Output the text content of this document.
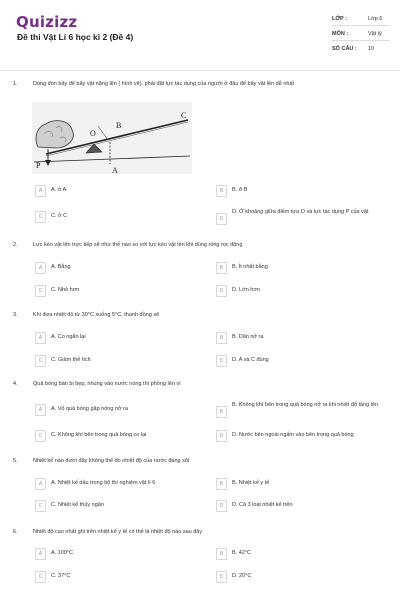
Quizizz
Đề thi Vật Lí 6 học kì 2 (Đề 4)
LỚP :	Lớp 6
MÔN :	Vật lý
SỐ CÂU : 10
1.	Dùng đòn bẩy để bẩy vật nặng lên ( hình vẽ). phải đặt lực tác dụng của người ở đâu để bẩy vật lên dễ nhất
B
C
O
P
A
A	A. ở A	B	B. ở B
C	C. ở C	D
D. Ở khoảng giữa điểm tựa O và lực tác dụng P của vật
2.	Lực kéo vật lên trực tiếp sẽ như thế nào so với lực kéo vật lên khi dùng ròng rọc động
A	A. Bằng	B	B. Ít nhất bằng
C	C. Nhỏ hơn	D	D. Lớn hơn
3.	Khi đưa nhiệt độ từ 30°C xuống 5°C, thanh đồng sẽ
A	A. Co ngắn lại	B	B. Dãn nở ra
C	C. Giảm thể tích	D	D. A và C đúng
4.	Quả bóng bàn bị bẹp, nhúng vào nước nóng thì phồng lên vì
A	A. Vỏ quả bóng gặp nóng nở ra	B
B. Không khí bên trong quả bóng nở ra khi nhiệt độ tăng lên
C	C. Không khí bên trong quả bóng co lại	D	D. Nước bên ngoài ngấm vào bên trong quả bóng
5.	Nhiệt kế nào dưới đây không thể đo nhiệt độ của nước đang sôi
A	A. Nhiệt kế dầu trong bộ thí nghiệm vật lí 6	B	B. Nhiệt kế y tế
C	C. Nhiệt kế thủy ngân	D	D. Cả 3 loại nhiệt kế trên
6.	Nhiệt độ cao nhất ghi trên nhiệt kế y tế có thể là nhiệt độ nào sau đây
A	A. 100°C	B	B. 42°C
C	C. 37°C	D	D. 20°C
